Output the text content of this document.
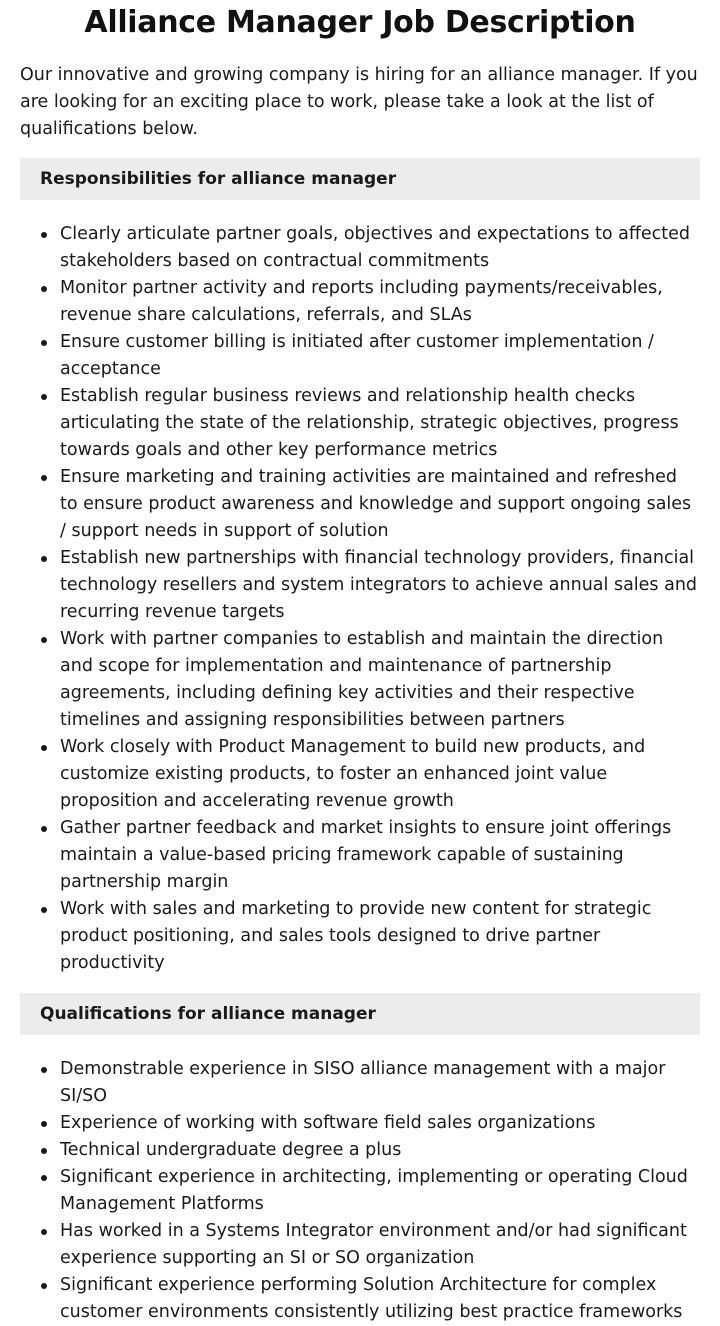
Alliance Manager Job Description

Our innovative and growing company is hiring for an alliance manager. If you are looking for an exciting place to work, please take a look at the list of qualifications below.

Responsibilities for alliance manager
Clearly articulate partner goals, objectives and expectations to affected stakeholders based on contractual commitments
Monitor partner activity and reports including payments/receivables, revenue share calculations, referrals, and SLAs
Ensure customer billing is initiated after customer implementation / acceptance
Establish regular business reviews and relationship health checks articulating the state of the relationship, strategic objectives, progress towards goals and other key performance metrics
Ensure marketing and training activities are maintained and refreshed to ensure product awareness and knowledge and support ongoing sales / support needs in support of solution
Establish new partnerships with financial technology providers, financial technology resellers and system integrators to achieve annual sales and recurring revenue targets
Work with partner companies to establish and maintain the direction and scope for implementation and maintenance of partnership agreements, including defining key activities and their respective timelines and assigning responsibilities between partners
Work closely with Product Management to build new products, and customize existing products, to foster an enhanced joint value proposition and accelerating revenue growth
Gather partner feedback and market insights to ensure joint offerings maintain a value-based pricing framework capable of sustaining partnership margin
Work with sales and marketing to provide new content for strategic product positioning, and sales tools designed to drive partner productivity
Qualifications for alliance manager
Demonstrable experience in SISO alliance management with a major SI/SO
Experience of working with software field sales organizations
Technical undergraduate degree a plus
Significant experience in architecting, implementing or operating Cloud Management Platforms
Has worked in a Systems Integrator environment and/or had significant experience supporting an SI or SO organization
Significant experience performing Solution Architecture for complex customer environments consistently utilizing best practice frameworks
